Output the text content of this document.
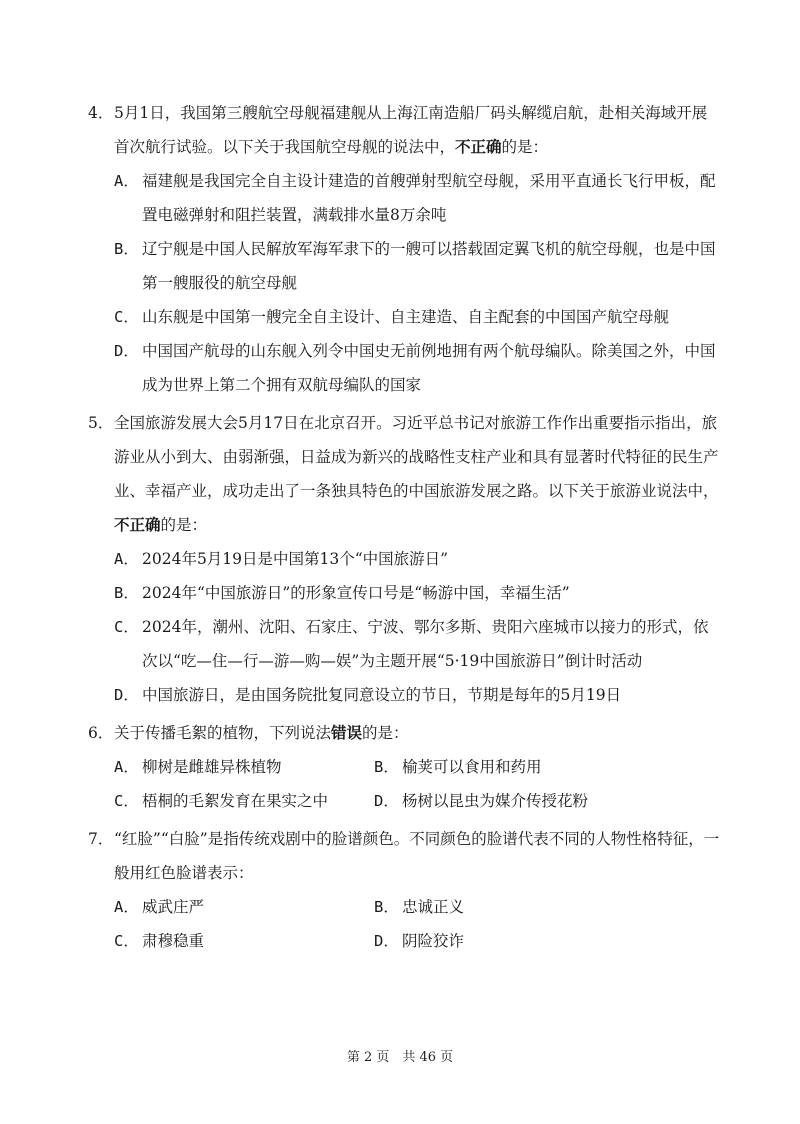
4． 5月1日，我国第三艘航空母舰福建舰从上海江南造船厂码头解缆启航，赴相关海域开展首次航行试验。以下关于我国航空母舰的说法中，不正确的是：
A． 福建舰是我国完全自主设计建造的首艘弹射型航空母舰，采用平直通长飞行甲板，配置电磁弹射和阻拦装置，满载排水量8万余吨
B． 辽宁舰是中国人民解放军海军隶下的一艘可以搭载固定翼飞机的航空母舰，也是中国第一艘服役的航空母舰
C． 山东舰是中国第一艘完全自主设计、自主建造、自主配套的中国国产航空母舰
D． 中国国产航母的山东舰入列令中国史无前例地拥有两个航母编队。除美国之外，中国成为世界上第二个拥有双航母编队的国家
5． 全国旅游发展大会5月17日在北京召开。习近平总书记对旅游工作作出重要指示指出，旅游业从小到大、由弱渐强，日益成为新兴的战略性支柱产业和具有显著时代特征的民生产业、幸福产业，成功走出了一条独具特色的中国旅游发展之路。以下关于旅游业说法中，不正确的是：
A． 2024年5月19日是中国第13个“中国旅游日”
B． 2024年“中国旅游日”的形象宣传口号是“畅游中国，幸福生活”
C． 2024年，潮州、沈阳、石家庄、宁波、鄂尔多斯、贵阳六座城市以接力的形式，依次以“吃—住—行—游—购—娱”为主题开展“5·19中国旅游日”倒计时活动
D． 中国旅游日，是由国务院批复同意设立的节日，节期是每年的5月19日
6． 关于传播毛絮的植物，下列说法错误的是：
A． 柳树是雌雄异株植物	B． 榆荚可以食用和药用
C． 梧桐的毛絮发育在果实之中	D． 杨树以昆虫为媒介传授花粉
7． “红脸”“白脸”是指传统戏剧中的脸谱颜色。不同颜色的脸谱代表不同的人物性格特征，一般用红色脸谱表示：
A． 威武庄严	B． 忠诚正义
C． 肃穆稳重	D． 阴险狡诈
第 2 页　共 46 页
